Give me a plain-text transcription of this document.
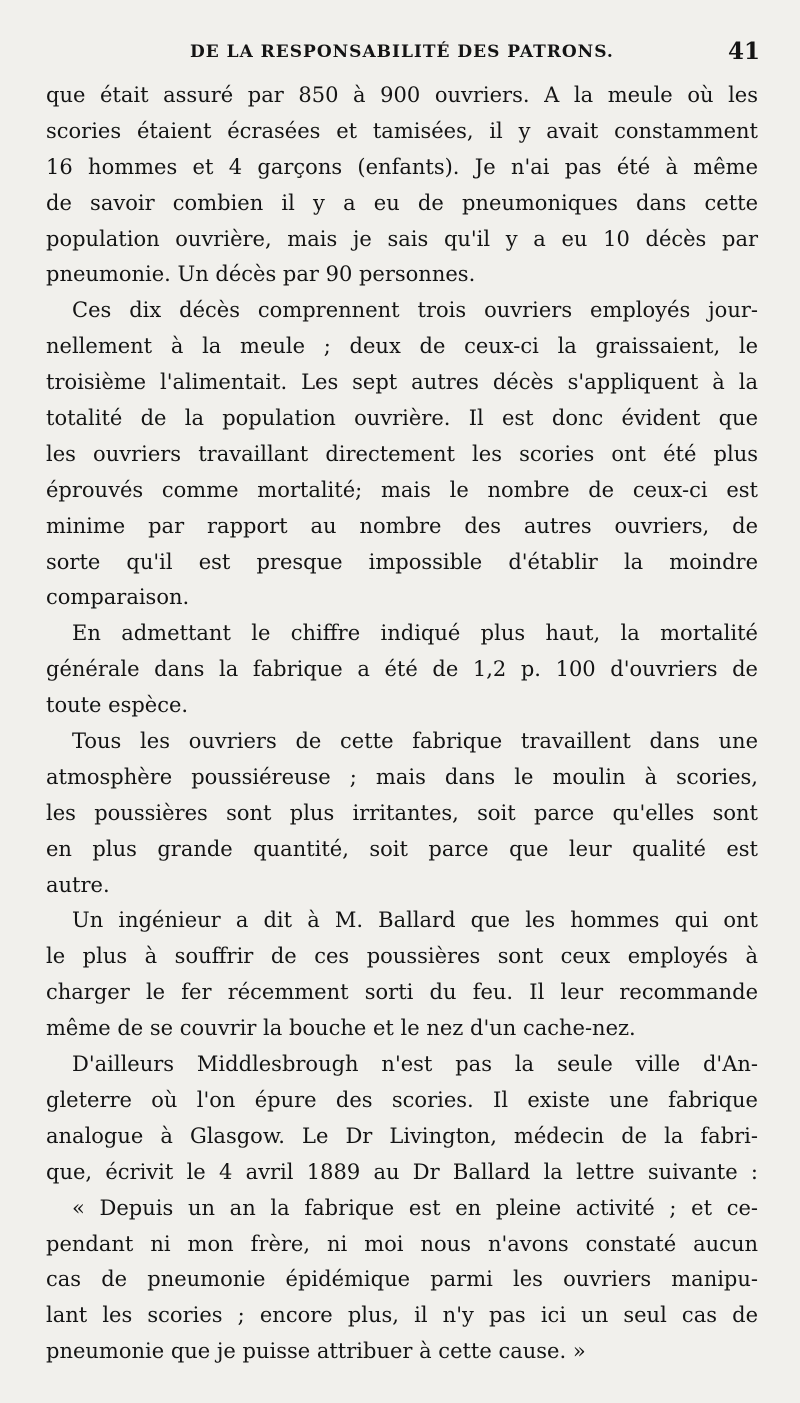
DE LA RESPONSABILITÉ DES PATRONS.	41
que était assuré par 850 à 900 ouvriers. A la meule où les
scories étaient écrasées et tamisées, il y avait constamment
16 hommes et 4 garçons (enfants). Je n'ai pas été à même
de savoir combien il y a eu de pneumoniques dans cette
population ouvrière, mais je sais qu'il y a eu 10 décès par
pneumonie. Un décès par 90 personnes.
Ces dix décès comprennent trois ouvriers employés jour-
nellement à la meule ; deux de ceux-ci la graissaient, le
troisième l'alimentait. Les sept autres décès s'appliquent à la
totalité de la population ouvrière. Il est donc évident que
les ouvriers travaillant directement les scories ont été plus
éprouvés comme mortalité; mais le nombre de ceux-ci est
minime par rapport au nombre des autres ouvriers, de
sorte qu'il est presque impossible d'établir la moindre
comparaison.
En admettant le chiffre indiqué plus haut, la mortalité
générale dans la fabrique a été de 1,2 p. 100 d'ouvriers de
toute espèce.
Tous les ouvriers de cette fabrique travaillent dans une
atmosphère poussiéreuse ; mais dans le moulin à scories,
les poussières sont plus irritantes, soit parce qu'elles sont
en plus grande quantité, soit parce que leur qualité est
autre.
Un ingénieur a dit à M. Ballard que les hommes qui ont
le plus à souffrir de ces poussières sont ceux employés à
charger le fer récemment sorti du feu. Il leur recommande
même de se couvrir la bouche et le nez d'un cache-nez.
D'ailleurs Middlesbrough n'est pas la seule ville d'An-
gleterre où l'on épure des scories. Il existe une fabrique
analogue à Glasgow. Le Dr Livington, médecin de la fabri-
que, écrivit le 4 avril 1889 au Dr Ballard la lettre suivante :
« Depuis un an la fabrique est en pleine activité ; et ce-
pendant ni mon frère, ni moi nous n'avons constaté aucun
cas de pneumonie épidémique parmi les ouvriers manipu-
lant les scories ; encore plus, il n'y pas ici un seul cas de
pneumonie que je puisse attribuer à cette cause. »
